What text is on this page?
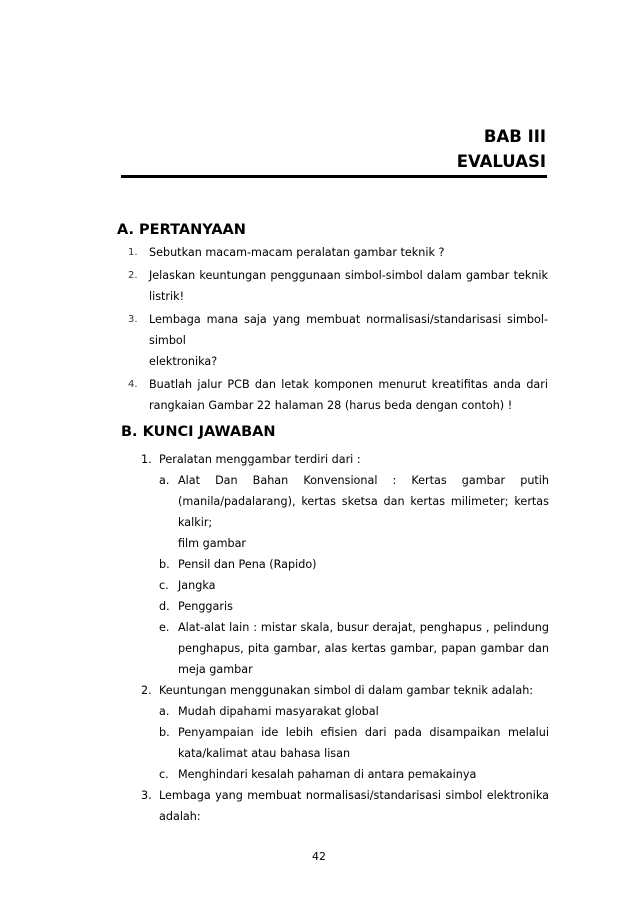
BAB III
EVALUASI
A. PERTANYAAN
1.	Sebutkan macam-macam peralatan gambar teknik ?
2.	Jelaskan keuntungan penggunaan simbol-simbol dalam gambar teknik
listrik!
3.	Lembaga mana saja yang membuat normalisasi/standarisasi simbol-simbol
elektronika?
4.	Buatlah jalur PCB dan letak komponen menurut kreatifitas anda dari
rangkaian Gambar 22 halaman 28 (harus beda dengan contoh) !
B. KUNCI JAWABAN
1. Peralatan menggambar terdiri dari :
a. Alat Dan Bahan Konvensional : Kertas gambar putih
(manila/padalarang), kertas sketsa dan kertas milimeter; kertas kalkir;
film gambar
b. Pensil dan Pena (Rapido)
c. Jangka
d. Penggaris
e. Alat-alat lain : mistar skala, busur derajat, penghapus , pelindung
penghapus, pita gambar, alas kertas gambar, papan gambar dan
meja gambar
2. Keuntungan menggunakan simbol di dalam gambar teknik adalah:
a. Mudah dipahami masyarakat global
b. Penyampaian ide lebih efisien dari pada disampaikan melalui
kata/kalimat atau bahasa lisan
c. Menghindari kesalah pahaman di antara pemakainya
3. Lembaga yang membuat normalisasi/standarisasi simbol elektronika
adalah:
42
